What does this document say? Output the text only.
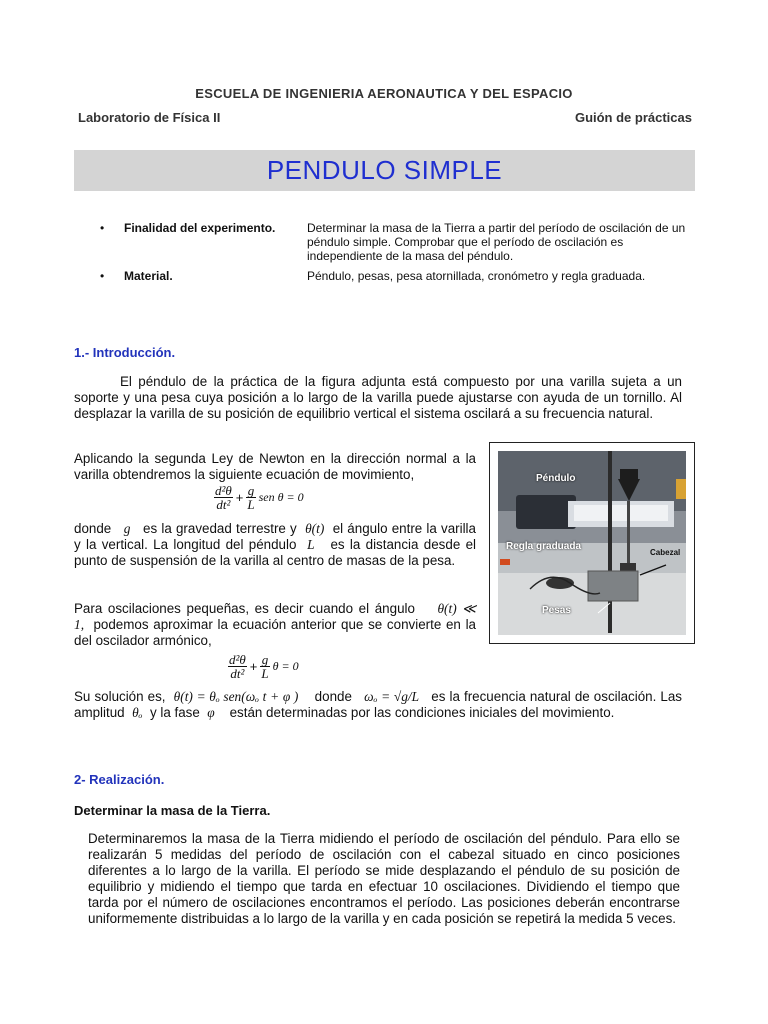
ESCUELA DE INGENIERIA AERONAUTICA Y DEL ESPACIO
Laboratorio de Física II	Guión de prácticas
PENDULO SIMPLE
• Finalidad del experimento.	Determinar la masa de la Tierra a partir del período de oscilación de un péndulo simple. Comprobar que el período de oscilación es independiente de la masa del péndulo.
• Material.	Péndulo, pesas, pesa atornillada, cronómetro y regla graduada.
1.- Introducción.
El péndulo de la práctica de la figura adjunta está compuesto por una varilla sujeta a un soporte y una pesa cuya posición a lo largo de la varilla puede ajustarse con ayuda de un tornillo. Al desplazar la varilla de su posición de equilibrio vertical el sistema oscilará a su frecuencia natural.
Aplicando la segunda Ley de Newton en la dirección normal a la varilla obtendremos la siguiente ecuación de movimiento,
$\frac{\text{d²θ}}{\text{dt²}} + \frac{g}{L}$ sen θ = 0
donde g es la gravedad terrestre y θ(t) el ángulo entre la varilla y la vertical. La longitud del péndulo L es la distancia desde el punto de suspensión de la varilla al centro de masas de la pesa.
Para oscilaciones pequeñas, es decir cuando el ángulo θ(t) ≪ 1, podemos aproximar la ecuación anterior que se convierte en la del oscilador armónico,
$\frac{\text{d²θ}}{\text{dt²}} + \frac{g}{L}$ θ = 0
Su solución es, θ(t) = θₒ sen(ωₒ t + φ ) donde ωₒ = √g/L es la frecuencia natural de oscilación. Las amplitud θₒ y la fase φ están determinadas por las condiciones iniciales del movimiento.
Péndulo
Regla graduada
Cabezal
Pesas
2- Realización.
Determinar la masa de la Tierra.
Determinaremos la masa de la Tierra midiendo el período de oscilación del péndulo. Para ello se realizarán 5 medidas del período de oscilación con el cabezal situado en cinco posiciones diferentes a lo largo de la varilla. El período se mide desplazando el péndulo de su posición de equilibrio y midiendo el tiempo que tarda en efectuar 10 oscilaciones. Dividiendo el tiempo que tarda por el número de oscilaciones encontramos el período. Las posiciones deberán encontrarse uniformemente distribuidas a lo largo de la varilla y en cada posición se repetirá la medida 5 veces.
